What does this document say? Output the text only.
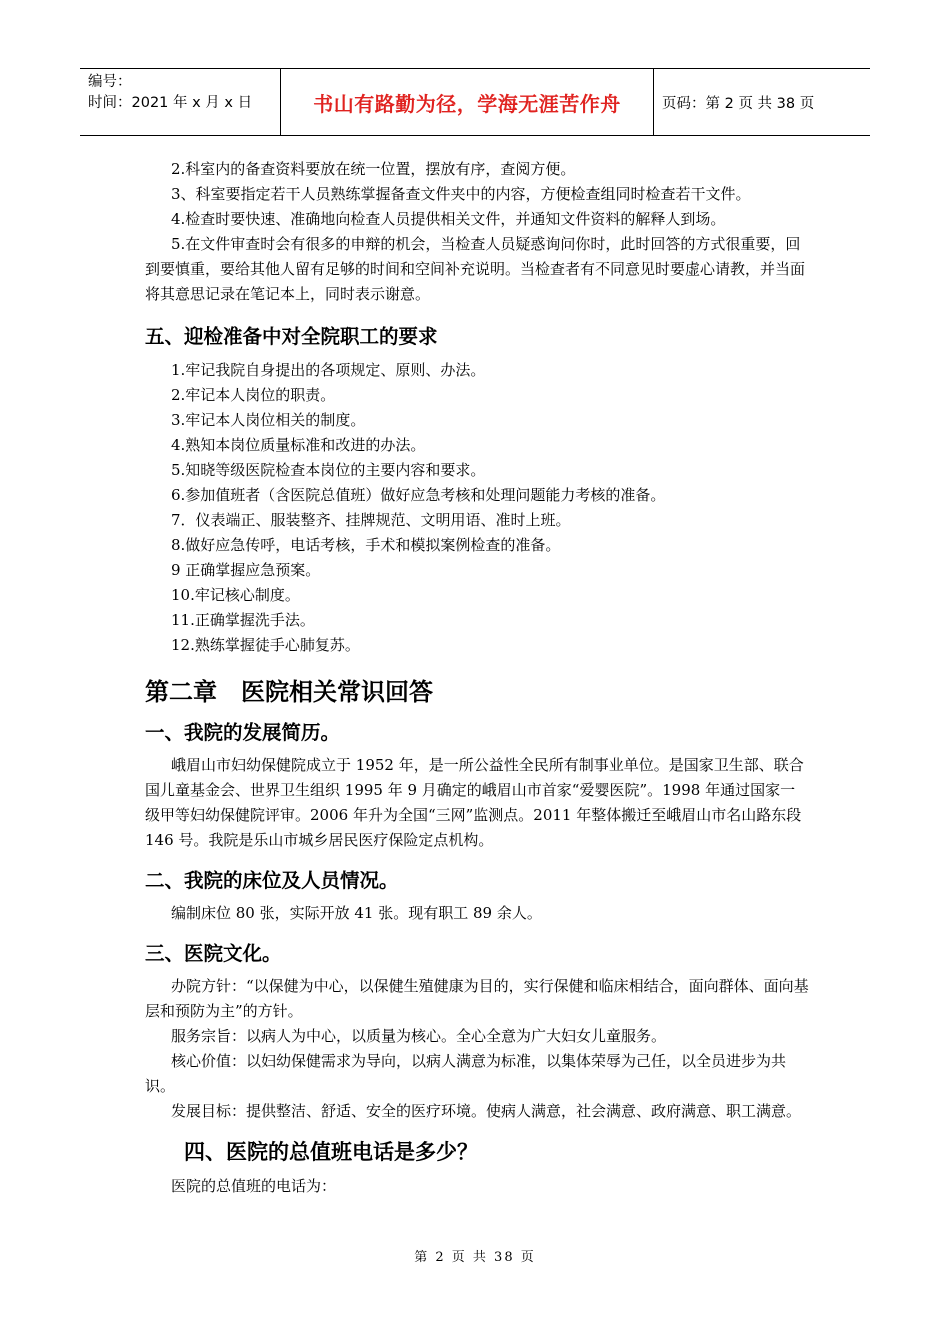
编号：
时间：2021 年 x 月 x 日	书山有路勤为径，学海无涯苦作舟	页码：第 2 页 共 38 页

2.科室内的备查资料要放在统一位置，摆放有序，查阅方便。

3、科室要指定若干人员熟练掌握备查文件夹中的内容，方便检查组同时检查若干文件。

4.检查时要快速、准确地向检查人员提供相关文件，并通知文件资料的解释人到场。

5.在文件审查时会有很多的申辩的机会，当检查人员疑惑询问你时，此时回答的方式很重要，回到要慎重，要给其他人留有足够的时间和空间补充说明。当检查者有不同意见时要虚心请教，并当面将其意思记录在笔记本上，同时表示谢意。

五、迎检准备中对全院职工的要求

1.牢记我院自身提出的各项规定、原则、办法。

2.牢记本人岗位的职责。

3.牢记本人岗位相关的制度。

4.熟知本岗位质量标准和改进的办法。

5.知晓等级医院检查本岗位的主要内容和要求。

6.参加值班者（含医院总值班）做好应急考核和处理问题能力考核的准备。

7．仪表端正、服装整齐、挂牌规范、文明用语、准时上班。

8.做好应急传呼，电话考核，手术和模拟案例检查的准备。

9 正确掌握应急预案。

10.牢记核心制度。

11.正确掌握洗手法。

12.熟练掌握徒手心肺复苏。

第二章　医院相关常识回答
一、我院的发展简历。

峨眉山市妇幼保健院成立于 1952 年，是一所公益性全民所有制事业单位。是国家卫生部、联合国儿童基金会、世界卫生组织 1995 年 9 月确定的峨眉山市首家“爱婴医院”。1998 年通过国家一级甲等妇幼保健院评审。2006 年升为全国“三网”监测点。2011 年整体搬迁至峨眉山市名山路东段 146 号。我院是乐山市城乡居民医疗保险定点机构。

二、我院的床位及人员情况。

编制床位 80 张，实际开放 41 张。现有职工 89 余人。

三、医院文化。

办院方针：“以保健为中心，以保健生殖健康为目的，实行保健和临床相结合，面向群体、面向基层和预防为主”的方针。

服务宗旨：以病人为中心，以质量为核心。全心全意为广大妇女儿童服务。

核心价值：以妇幼保健需求为导向，以病人满意为标准，以集体荣辱为己任，以全员进步为共识。

发展目标：提供整洁、舒适、安全的医疗环境。使病人满意，社会满意、政府满意、职工满意。

四、医院的总值班电话是多少？

医院的总值班的电话为：

第 2 页 共 38 页
